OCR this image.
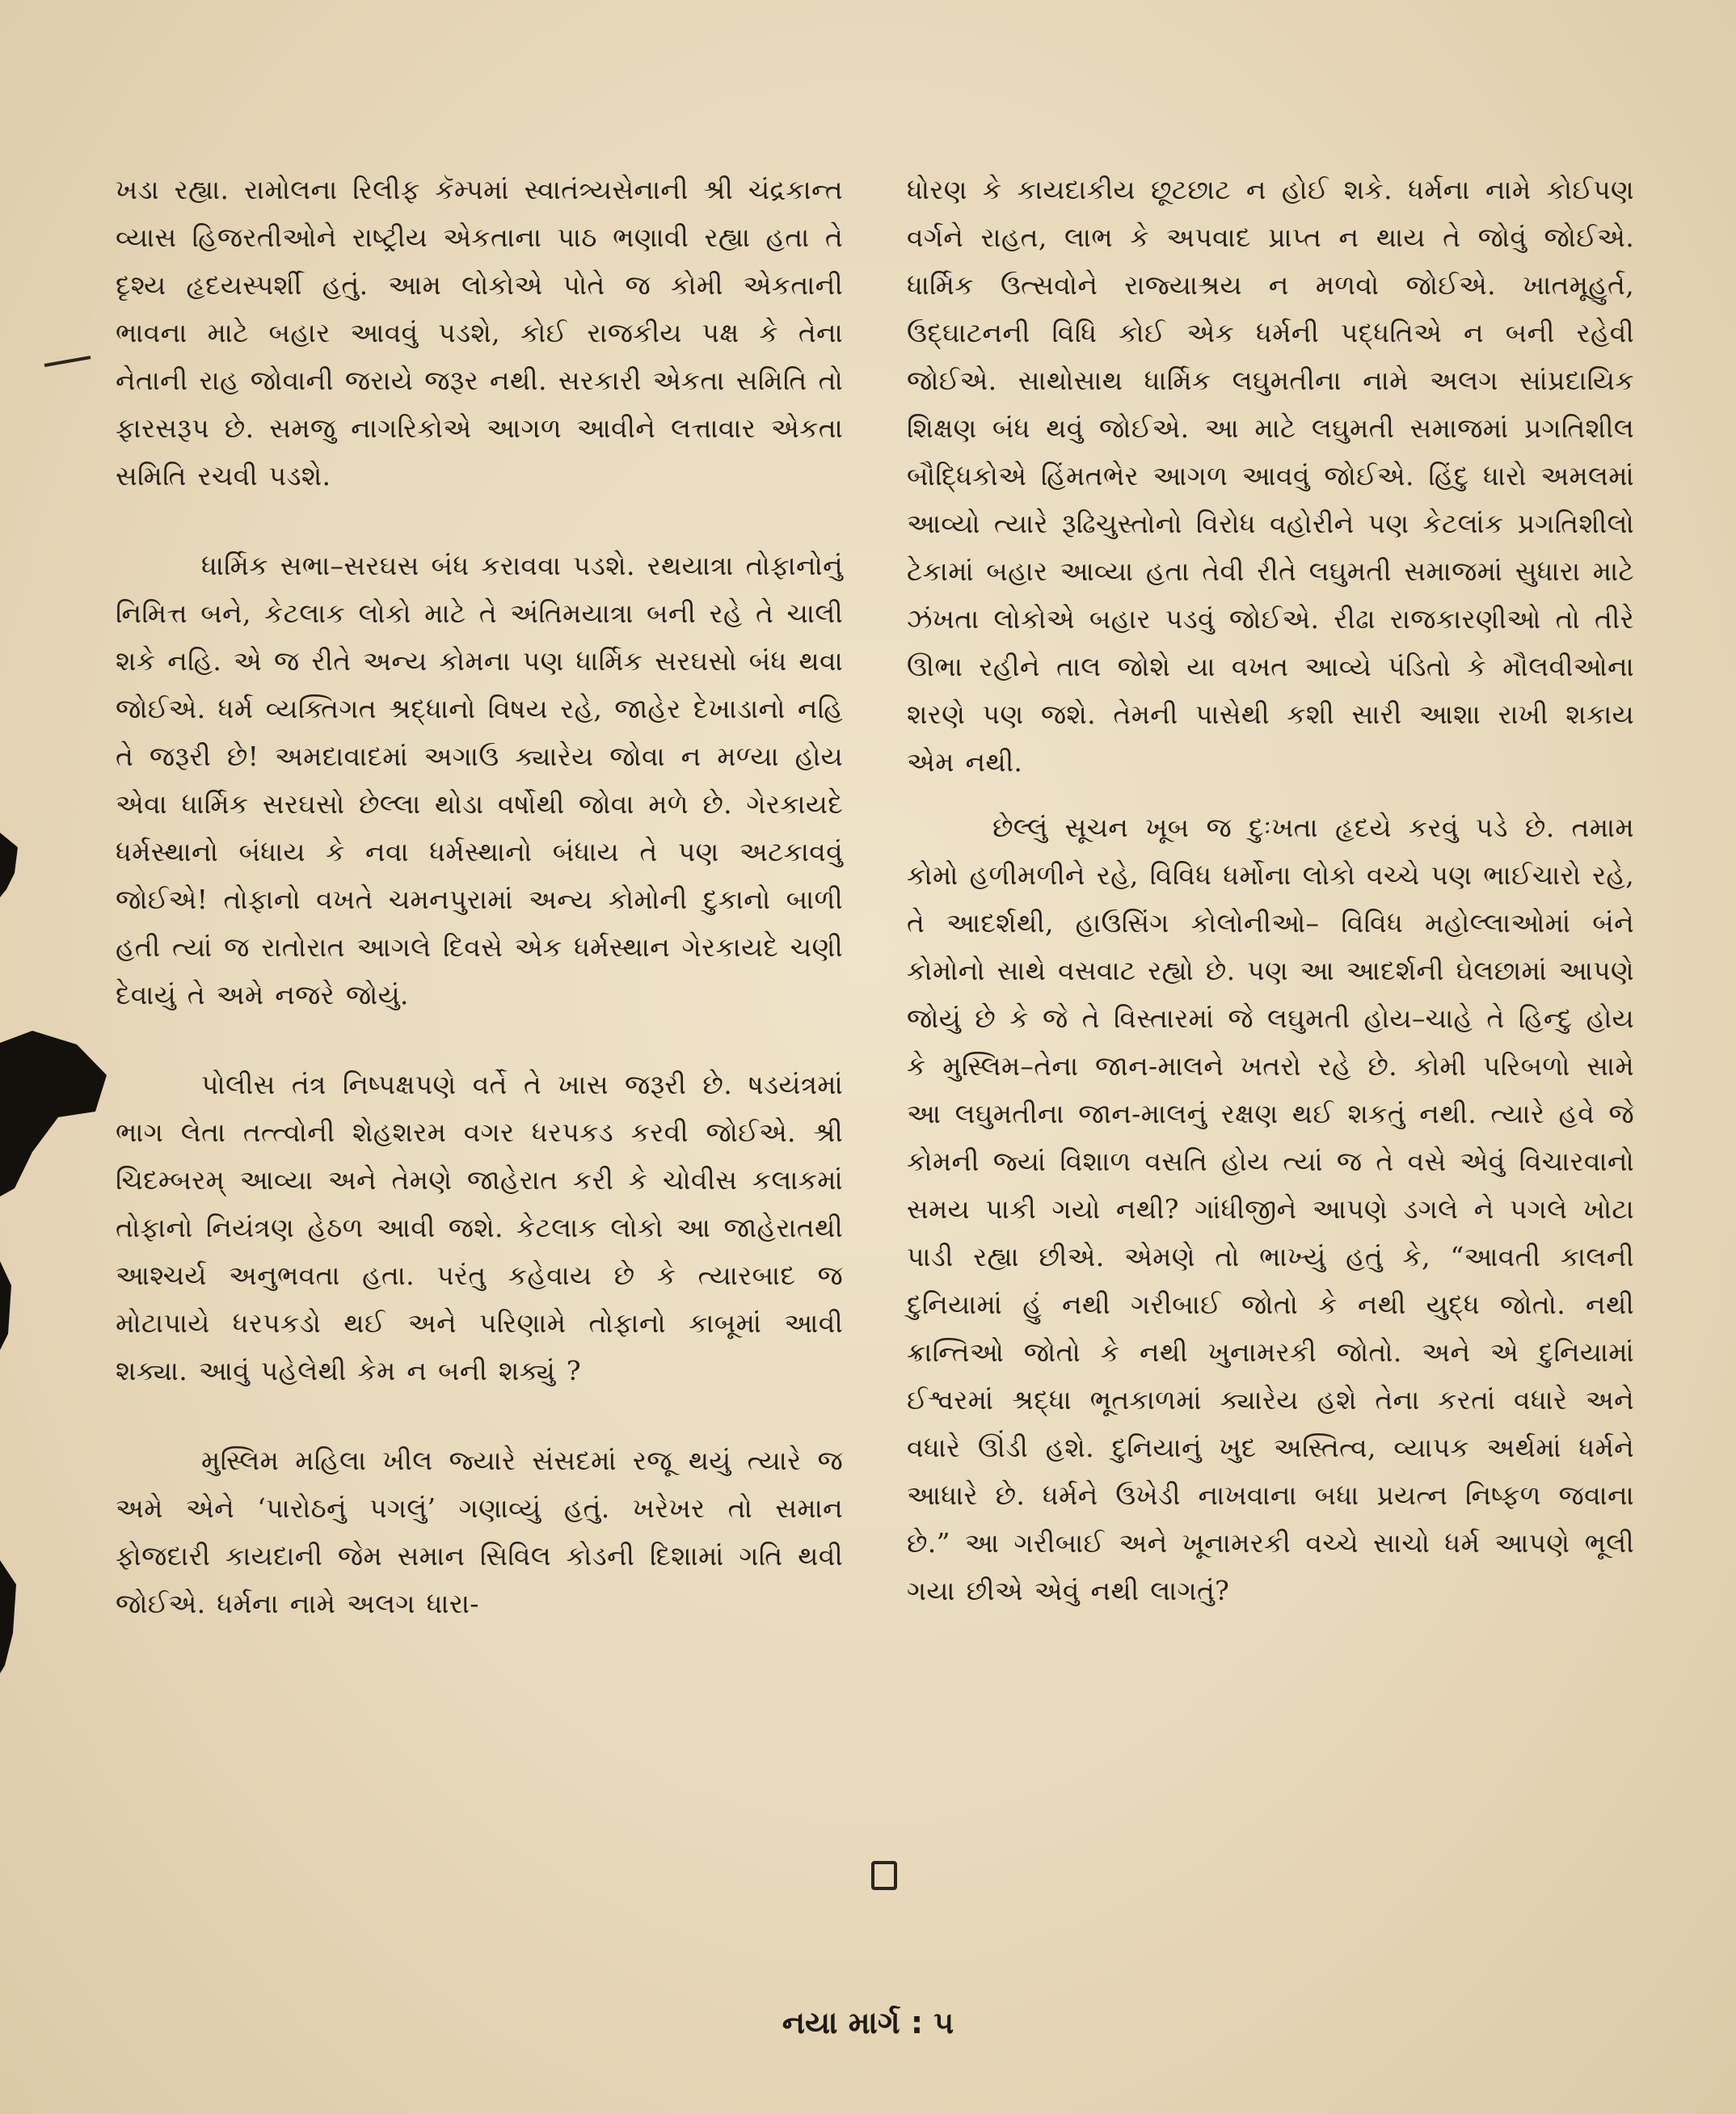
ખડા રહ્યા. રામોલના રિલીફ કૅમ્પમાં સ્વાતંત્ર્યસેનાની શ્રી ચંદ્રકાન્ત વ્યાસ હિજરતીઓને રાષ્ટ્રીય એકતાના પાઠ ભણાવી રહ્યા હતા તે દૃશ્ય હૃદયસ્પર્શી હતું. આમ લોકોએ પોતે જ કોમી એકતાની ભાવના માટે બહાર આવવું પડશે, કોઈ રાજકીય પક્ષ કે તેના નેતાની રાહ જોવાની જરાયે જરૂર નથી. સરકારી એકતા સમિતિ તો ફારસરૂપ છે. સમજુ નાગરિકોએ આગળ આવીને લત્તાવાર એકતા સમિતિ રચવી પડશે.

ધાર્મિક સભા–સરઘસ બંધ કરાવવા પડશે. રથયાત્રા તોફાનોનું નિમિત્ત બને, કેટલાક લોકો માટે તે અંતિમયાત્રા બની રહે તે ચાલી શકે નહિ. એ જ રીતે અન્ય કોમના પણ ધાર્મિક સરઘસો બંધ થવા જોઈએ. ધર્મ વ્યક્તિગત શ્રદ્ધાનો વિષય રહે, જાહેર દેખાડાનો નહિ તે જરૂરી છે! અમદાવાદમાં અગાઉ ક્યારેય જોવા ન મળ્યા હોય એવા ધાર્મિક સરઘસો છેલ્લા થોડા વર્ષોથી જોવા મળે છે. ગેરકાયદે ધર્મસ્થાનો બંધાય કે નવા ધર્મસ્થાનો બંધાય તે પણ અટકાવવું જોઈએ! તોફાનો વખતે ચમનપુરામાં અન્ય કોમોની દુકાનો બાળી હતી ત્યાં જ રાતોરાત આગલે દિવસે એક ધર્મસ્થાન ગેરકાયદે ચણી દેવાયું તે અમે નજરે જોયું.

પોલીસ તંત્ર નિષ્પક્ષપણે વર્તે તે ખાસ જરૂરી છે. ષડયંત્રમાં ભાગ લેતા તત્ત્વોની શેહશરમ વગર ધરપકડ કરવી જોઈએ. શ્રી ચિદમ્બરમ્ આવ્યા અને તેમણે જાહેરાત કરી કે ચોવીસ કલાકમાં તોફાનો નિયંત્રણ હેઠળ આવી જશે. કેટલાક લોકો આ જાહેરાતથી આશ્ચર્ય અનુભવતા હતા. પરંતુ કહેવાય છે કે ત્યારબાદ જ મોટાપાયે ધરપકડો થઈ અને પરિણામે તોફાનો કાબૂમાં આવી શક્યા. આવું પહેલેથી કેમ ન બની શક્યું ?

મુસ્લિમ મહિલા ખીલ જ્યારે સંસદમાં રજૂ થયું ત્યારે જ અમે એને ‘પારોઠનું પગલું’ ગણાવ્યું હતું. ખરેખર તો સમાન ફોજદારી કાયદાની જેમ સમાન સિવિલ કોડની દિશામાં ગતિ થવી જોઈએ. ધર્મના નામે અલગ ધારા-

ધોરણ કે કાયદાકીય છૂટછાટ ન હોઈ શકે. ધર્મના નામે કોઈપણ વર્ગને રાહત, લાભ કે અપવાદ પ્રાપ્ત ન થાય તે જોવું જોઈએ. ધાર્મિક ઉત્સવોને રાજ્યાશ્રય ન મળવો જોઈએ. ખાતમૂહુર્ત, ઉદ્ઘાટનની વિધિ કોઈ એક ધર્મની પદ્ધતિએ ન બની રહેવી જોઈએ. સાથોસાથ ધાર્મિક લઘુમતીના નામે અલગ સાંપ્રદાયિક શિક્ષણ બંધ થવું જોઈએ. આ માટે લઘુમતી સમાજમાં પ્રગતિશીલ બૌદ્ધિકોએ હિંમતભેર આગળ આવવું જોઈએ. હિંદુ ધારો અમલમાં આવ્યો ત્યારે રૂઢિચુસ્તોનો વિરોધ વહોરીને પણ કેટલાંક પ્રગતિશીલો ટેકામાં બહાર આવ્યા હતા તેવી રીતે લઘુમતી સમાજમાં સુધારા માટે ઝંખતા લોકોએ બહાર પડવું જોઈએ. રીઢા રાજકારણીઓ તો તીરે ઊભા રહીને તાલ જોશે યા વખત આવ્યે પંડિતો કે મૌલવીઓના શરણે પણ જશે. તેમની પાસેથી કશી સારી આશા રાખી શકાય એમ નથી.

છેલ્લું સૂચન ખૂબ જ દુઃખતા હૃદયે કરવું પડે છે. તમામ કોમો હળીમળીને રહે, વિવિધ ધર્મોના લોકો વચ્ચે પણ ભાઈચારો રહે, તે આદર્શથી, હાઉસિંગ કોલોનીઓ– વિવિધ મહોલ્લાઓમાં બંને કોમોનો સાથે વસવાટ રહ્યો છે. પણ આ આદર્શની ઘેલછામાં આપણે જોયું છે કે જે તે વિસ્તારમાં જે લઘુમતી હોય–ચાહે તે હિન્દુ હોય કે મુસ્લિમ–તેના જાન-માલને ખતરો રહે છે. કોમી પરિબળો સામે આ લઘુમતીના જાન-માલનું રક્ષણ થઈ શકતું નથી. ત્યારે હવે જે કોમની જ્યાં વિશાળ વસતિ હોય ત્યાં જ તે વસે એવું વિચારવાનો સમય પાકી ગયો નથી? ગાંધીજીને આપણે ડગલે ને પગલે ખોટા પાડી રહ્યા છીએ. એમણે તો ભાખ્યું હતું કે, “આવતી કાલની દુનિયામાં હું નથી ગરીબાઈ જોતો કે નથી યુદ્ધ જોતો. નથી ક્રાન્તિઓ જોતો કે નથી ખુનામરકી જોતો. અને એ દુનિયામાં ઈશ્વરમાં શ્રદ્ધા ભૂતકાળમાં ક્યારેય હશે તેના કરતાં વધારે અને વધારે ઊંડી હશે. દુનિયાનું ખુદ અસ્તિત્વ, વ્યાપક અર્થમાં ધર્મને આધારે છે. ધર્મને ઉખેડી નાખવાના બધા પ્રયત્ન નિષ્ફળ જવાના છે.” આ ગરીબાઈ અને ખૂનામરકી વચ્ચે સાચો ધર્મ આપણે ભૂલી ગયા છીએ એવું નથી લાગતું?

નયા માર્ગ : ૫
